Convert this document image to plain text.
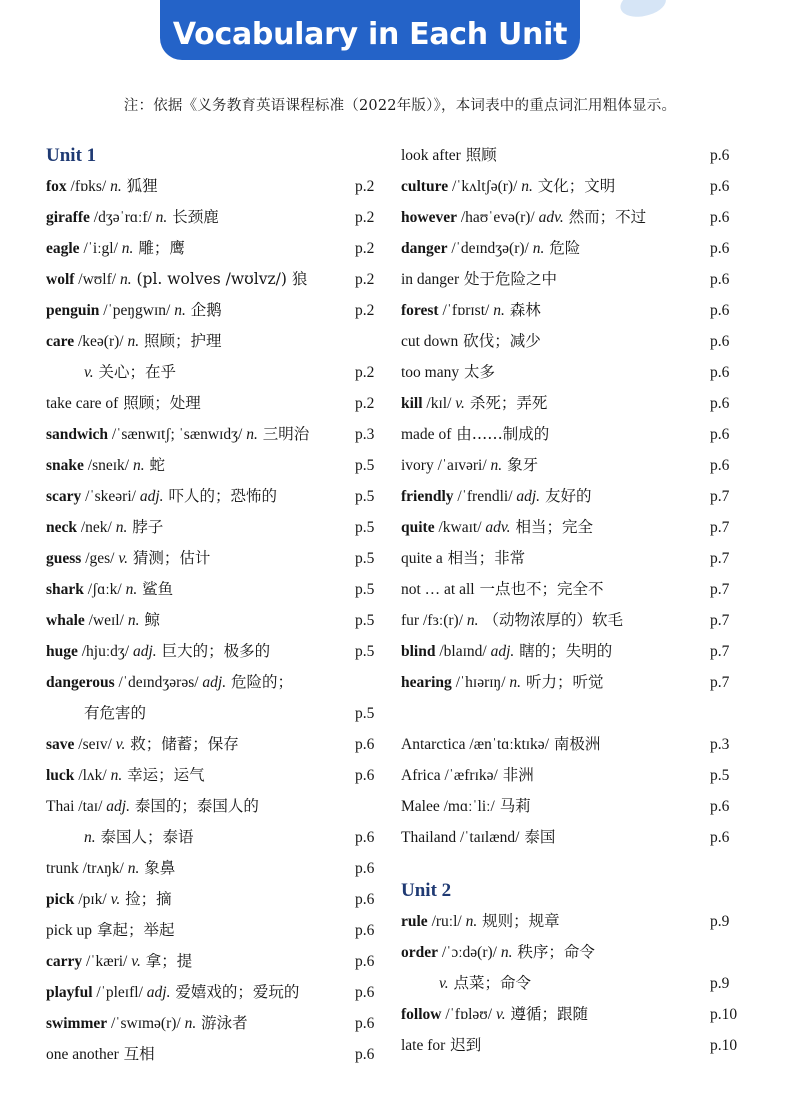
Vocabulary in Each Unit
注：依据《义务教育英语课程标准（2022年版）》，本词表中的重点词汇用粗体显示。
Unit 1
fox /fɒks/ n. 狐狸	p.2
giraffe /dʒəˈrɑːf/ n. 长颈鹿	p.2
eagle /ˈiːgl/ n. 雕；鹰	p.2
wolf /wʊlf/ n. (pl. wolves /wʊlvz/) 狼	p.2
penguin /ˈpeŋgwɪn/ n. 企鹅	p.2
care /keə(r)/ n. 照顾；护理
v. 关心；在乎	p.2
take care of 照顾；处理	p.2
sandwich /ˈsænwɪtʃ; ˈsænwɪdʒ/ n. 三明治	p.3
snake /sneɪk/ n. 蛇	p.5
scary /ˈskeəri/ adj. 吓人的；恐怖的	p.5
neck /nek/ n. 脖子	p.5
guess /ges/ v. 猜测；估计	p.5
shark /ʃɑːk/ n. 鲨鱼	p.5
whale /weɪl/ n. 鲸	p.5
huge /hjuːdʒ/ adj. 巨大的；极多的	p.5
dangerous /ˈdeɪndʒərəs/ adj. 危险的；
有危害的	p.5
save /seɪv/ v. 救；储蓄；保存	p.6
luck /lʌk/ n. 幸运；运气	p.6
Thai /taɪ/ adj. 泰国的；泰国人的
n. 泰国人；泰语	p.6
trunk /trʌŋk/ n. 象鼻	p.6
pick /pɪk/ v. 捡；摘	p.6
pick up 拿起；举起	p.6
carry /ˈkæri/ v. 拿；提	p.6
playful /ˈpleɪfl/ adj. 爱嬉戏的；爱玩的	p.6
swimmer /ˈswɪmə(r)/ n. 游泳者	p.6
one another 互相	p.6
look after 照顾	p.6
culture /ˈkʌltʃə(r)/ n. 文化；文明	p.6
however /haʊˈevə(r)/ adv. 然而；不过	p.6
danger /ˈdeɪndʒə(r)/ n. 危险	p.6
in danger 处于危险之中	p.6
forest /ˈfɒrɪst/ n. 森林	p.6
cut down 砍伐；减少	p.6
too many 太多	p.6
kill /kɪl/ v. 杀死；弄死	p.6
made of 由……制成的	p.6
ivory /ˈaɪvəri/ n. 象牙	p.6
friendly /ˈfrendli/ adj. 友好的	p.7
quite /kwaɪt/ adv. 相当；完全	p.7
quite a 相当；非常	p.7
not … at all 一点也不；完全不	p.7
fur /fɜː(r)/ n. （动物浓厚的）软毛	p.7
blind /blaɪnd/ adj. 瞎的；失明的	p.7
hearing /ˈhɪərɪŋ/ n. 听力；听觉	p.7
Antarctica /ænˈtɑːktɪkə/ 南极洲	p.3
Africa /ˈæfrɪkə/ 非洲	p.5
Malee /mɑːˈliː/ 马莉	p.6
Thailand /ˈtaɪlænd/ 泰国	p.6
Unit 2
rule /ruːl/ n. 规则；规章	p.9
order /ˈɔːdə(r)/ n. 秩序；命令
v. 点菜；命令	p.9
follow /ˈfɒləʊ/ v. 遵循；跟随	p.10
late for 迟到	p.10
